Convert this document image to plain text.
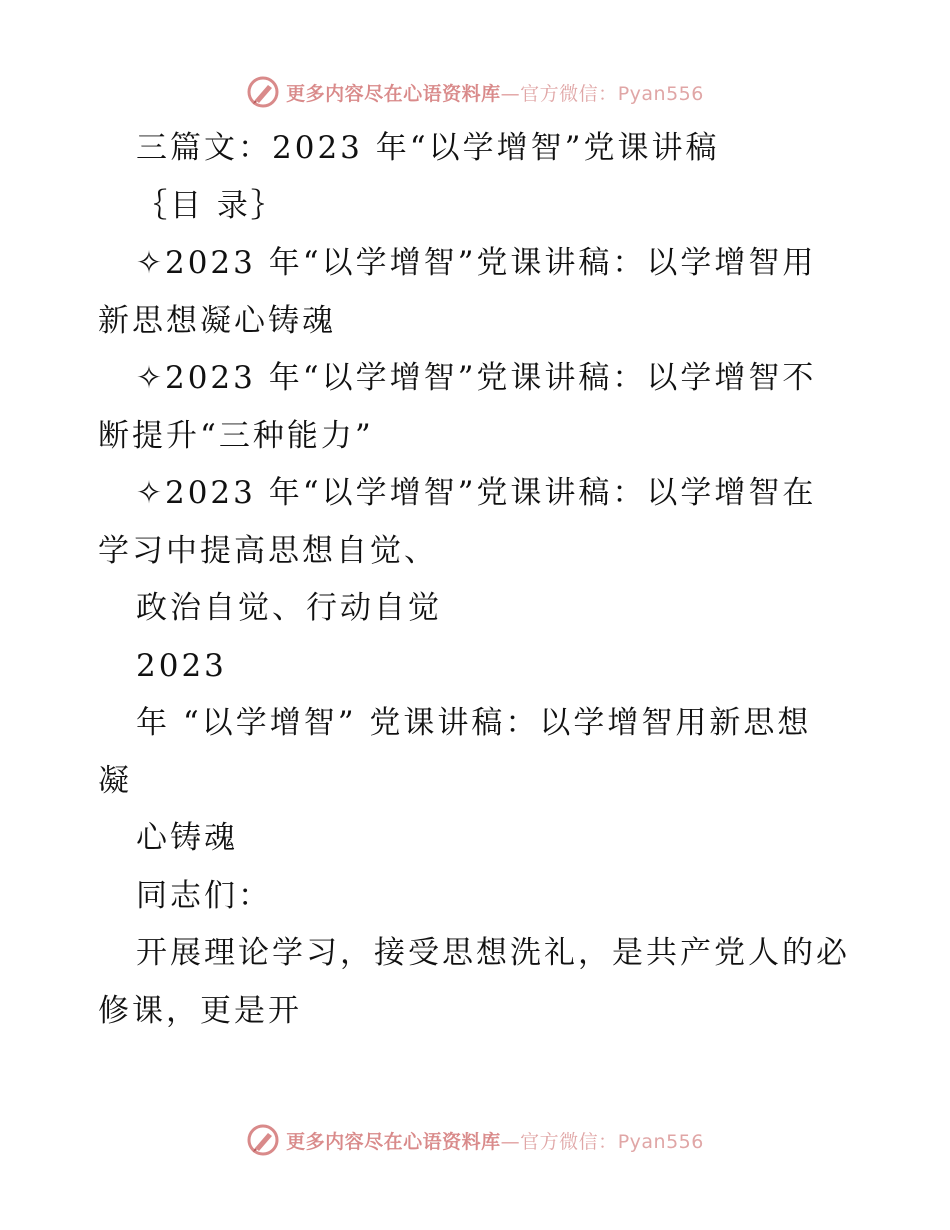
更多内容尽在心语资料库—官方微信：Pyan556
三篇文：2023 年“以学增智”党课讲稿
｛目 录｝
✧2023 年“以学增智”党课讲稿：以学增智用
新思想凝心铸魂
✧2023 年“以学增智”党课讲稿：以学增智不
断提升“三种能力”
✧2023 年“以学增智”党课讲稿：以学增智在
学习中提高思想自觉、
政治自觉、行动自觉
2023
年 “以学增智” 党课讲稿：以学增智用新思想
凝
心铸魂
同志们：
开展理论学习，接受思想洗礼，是共产党人的必
修课，更是开
更多内容尽在心语资料库—官方微信：Pyan556
